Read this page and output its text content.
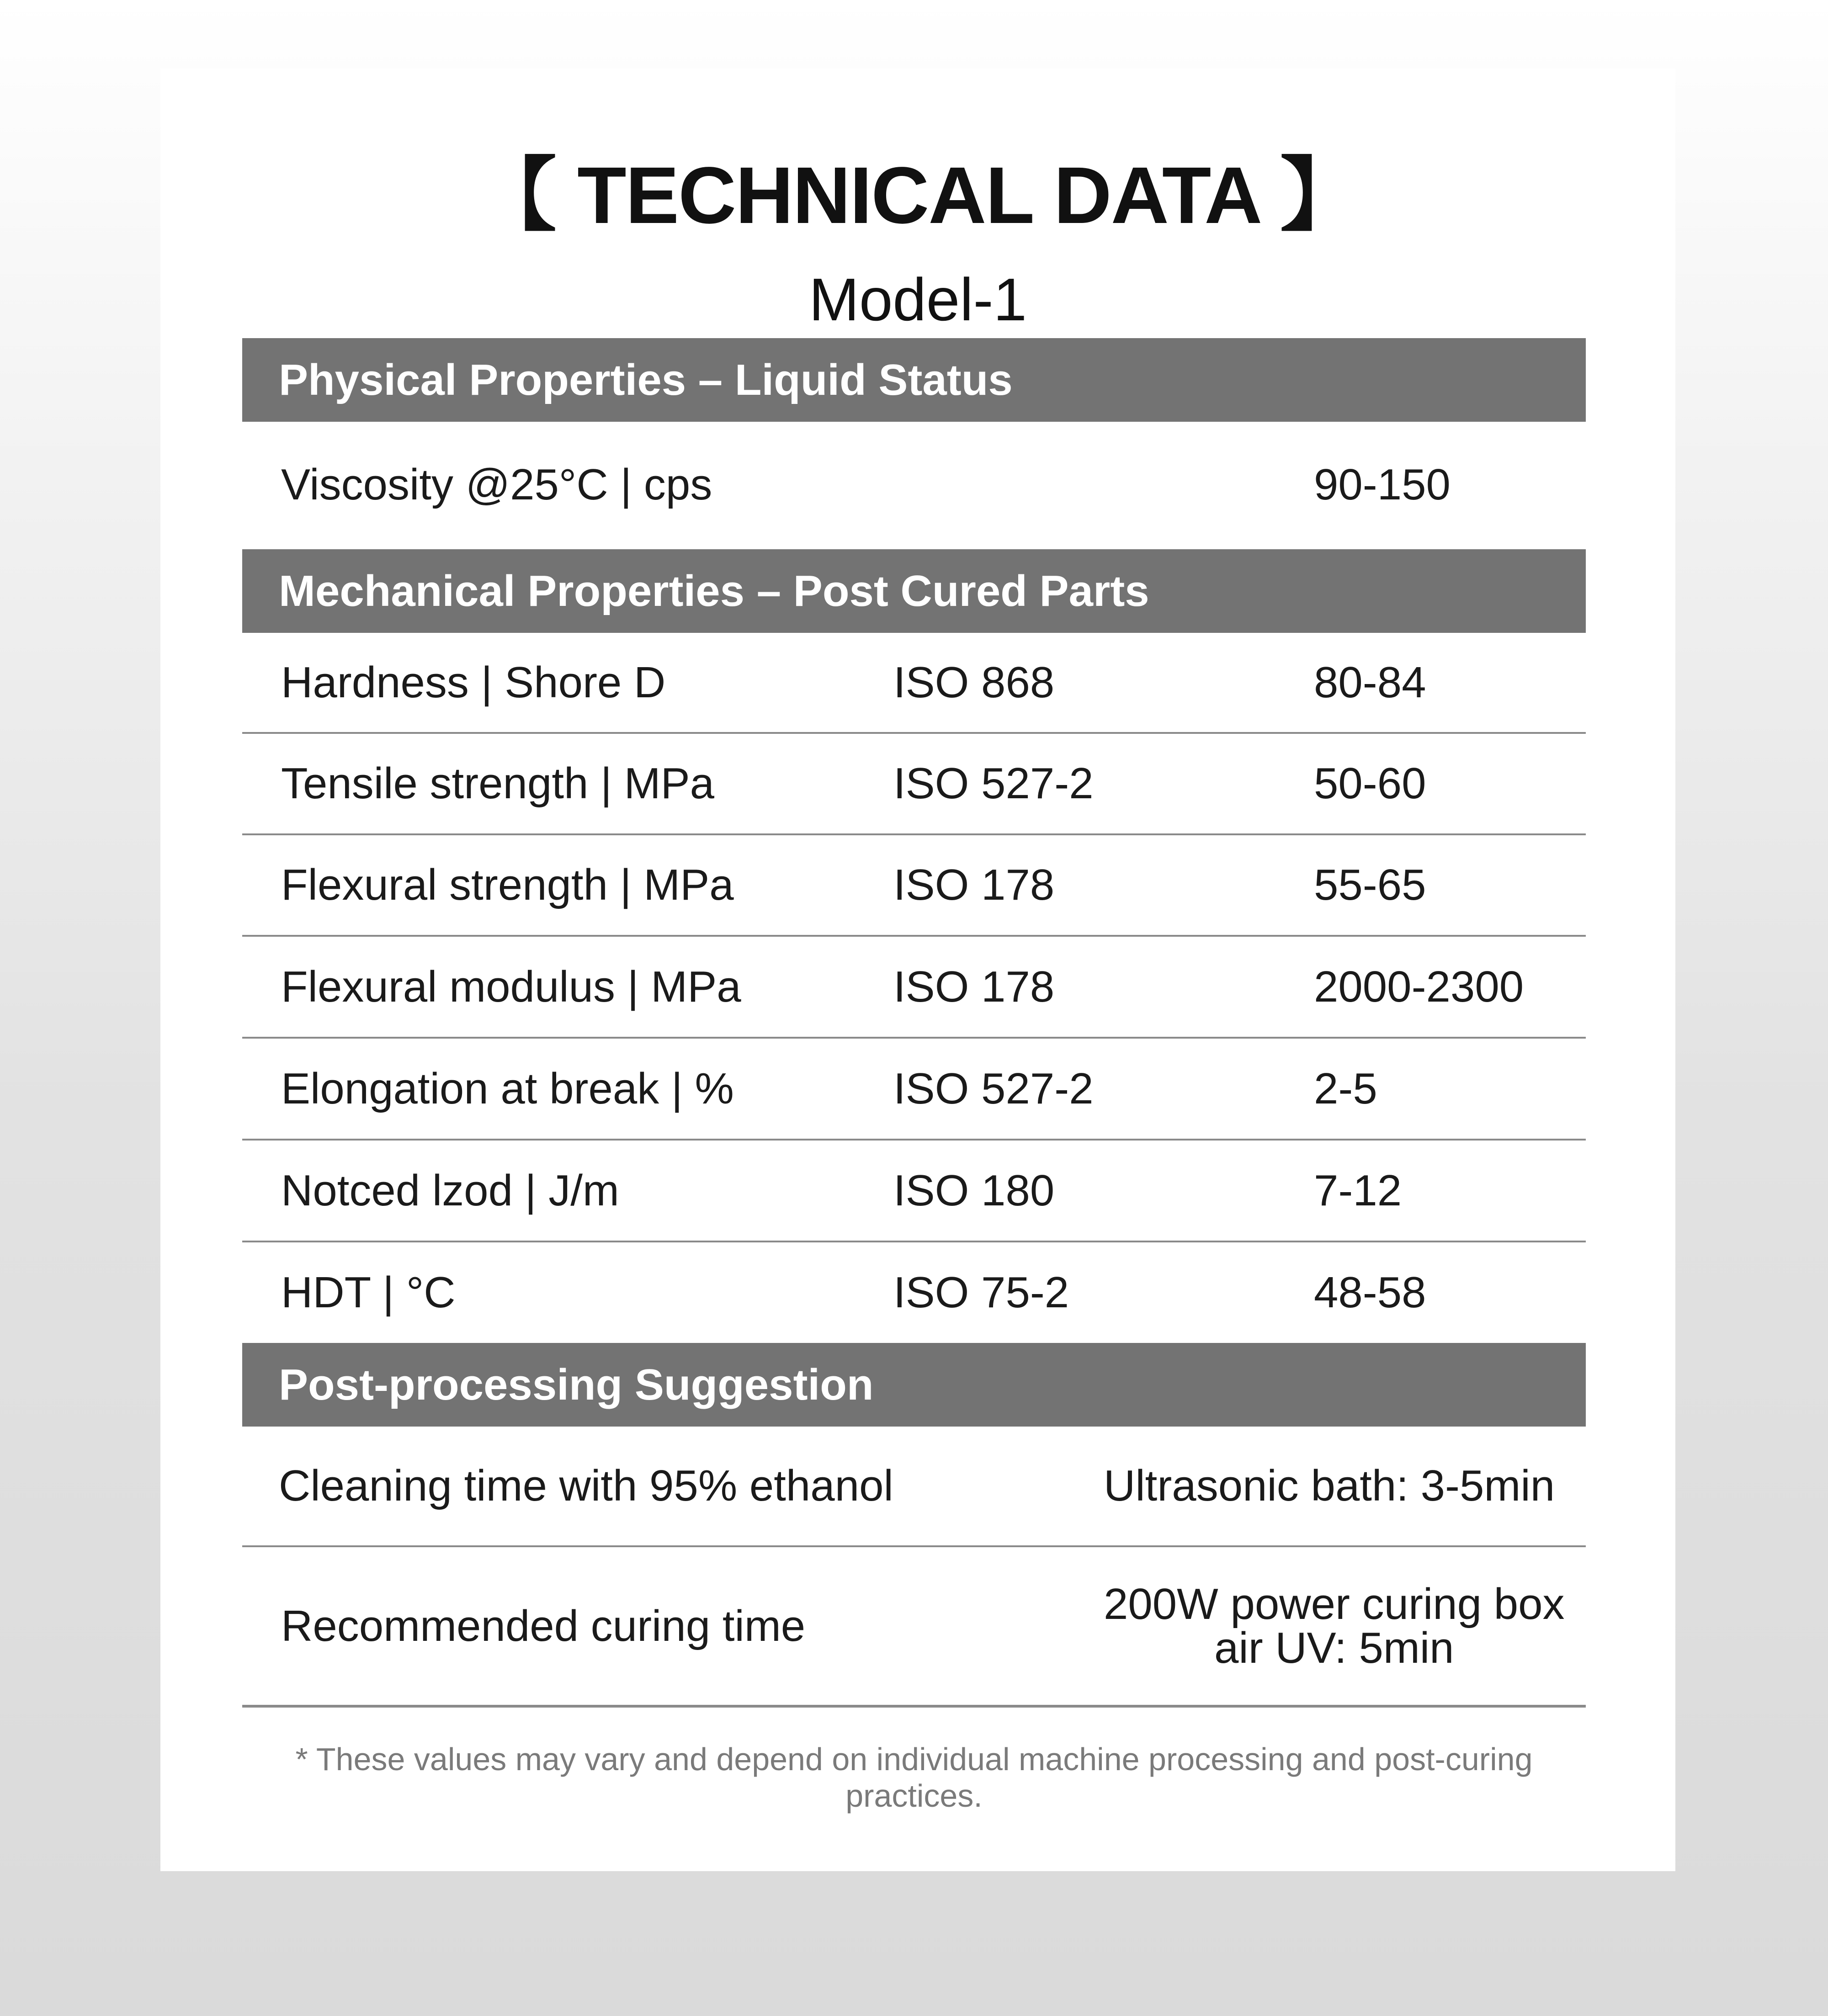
【 TECHNICAL DATA 】
Model-1
Physical Properties – Liquid Status
Viscosity @25°C | cps	90-150
Mechanical Properties – Post Cured Parts
Hardness | Shore D	ISO 868	80-84
Tensile strength | MPa	ISO 527-2	50-60
Flexural strength | MPa	ISO 178	55-65
Flexural modulus | MPa	ISO 178	2000-2300
Elongation at break | %	ISO 527-2	2-5
Notced lzod | J/m	ISO 180	7-12
HDT | °C	ISO 75-2	48-58
Post-processing Suggestion
Cleaning time with 95% ethanol	Ultrasonic bath: 3-5min
Recommended curing time	200W power curing box
air UV: 5min
* These values may vary and depend on individual machine processing and post-curing practices.
